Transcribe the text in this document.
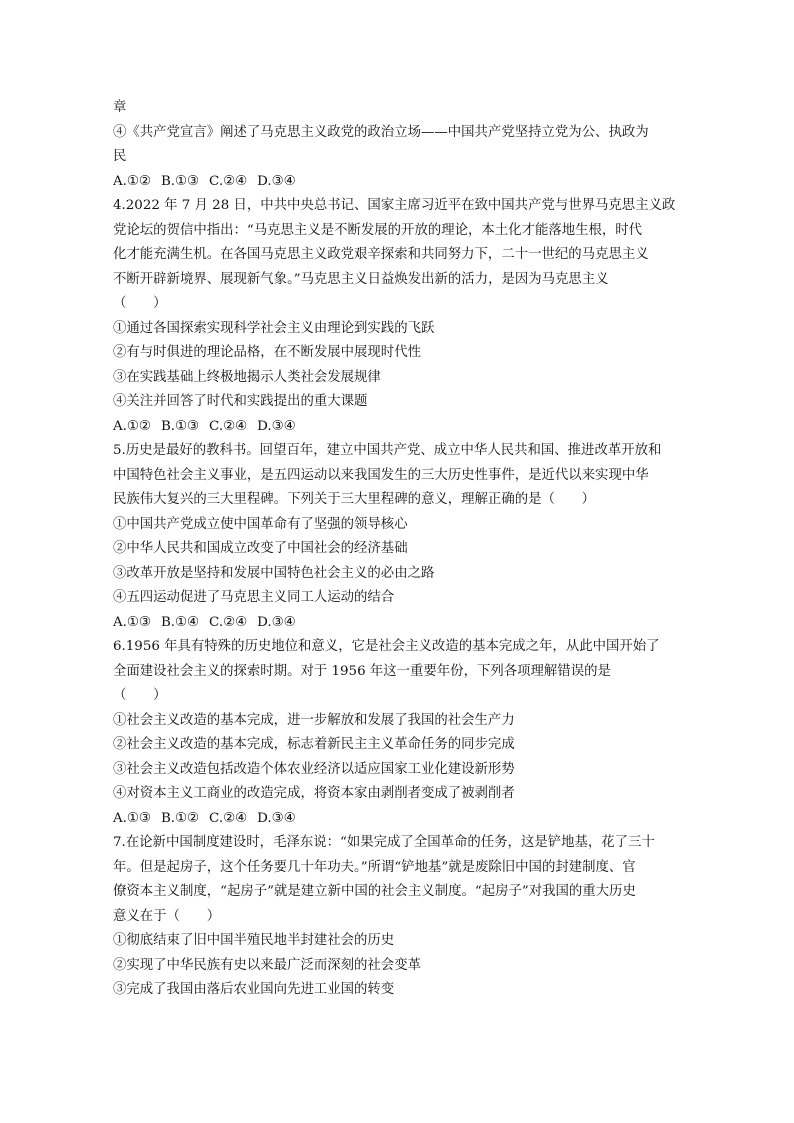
章
④《共产党宣言》阐述了马克思主义政党的政治立场——中国共产党坚持立党为公、执政为
民
A.①② B.①③ C.②④ D.③④
4.2022 年 7 月 28 日，中共中央总书记、国家主席习近平在致中国共产党与世界马克思主义政
党论坛的贺信中指出：“马克思主义是不断发展的开放的理论，本土化才能落地生根，时代
化才能充满生机。在各国马克思主义政党艰辛探索和共同努力下，二十一世纪的马克思主义
不断开辟新境界、展现新气象。”马克思主义日益焕发出新的活力，是因为马克思主义
（　　）
①通过各国探索实现科学社会主义由理论到实践的飞跃
②有与时俱进的理论品格，在不断发展中展现时代性
③在实践基础上终极地揭示人类社会发展规律
④关注并回答了时代和实践提出的重大课题
A.①② B.①③ C.②④ D.③④
5.历史是最好的教科书。回望百年，建立中国共产党、成立中华人民共和国、推进改革开放和
中国特色社会主义事业，是五四运动以来我国发生的三大历史性事件，是近代以来实现中华
民族伟大复兴的三大里程碑。下列关于三大里程碑的意义，理解正确的是（　　）
①中国共产党成立使中国革命有了坚强的领导核心
②中华人民共和国成立改变了中国社会的经济基础
③改革开放是坚持和发展中国特色社会主义的必由之路
④五四运动促进了马克思主义同工人运动的结合
A.①③ B.①④ C.②④ D.③④
6.1956 年具有特殊的历史地位和意义，它是社会主义改造的基本完成之年，从此中国开始了
全面建设社会主义的探索时期。对于 1956 年这一重要年份，下列各项理解错误的是
（　　）
①社会主义改造的基本完成，进一步解放和发展了我国的社会生产力
②社会主义改造的基本完成，标志着新民主主义革命任务的同步完成
③社会主义改造包括改造个体农业经济以适应国家工业化建设新形势
④对资本主义工商业的改造完成，将资本家由剥削者变成了被剥削者
A.①③ B.①② C.②④ D.③④
7.在论新中国制度建设时，毛泽东说：“如果完成了全国革命的任务，这是铲地基，花了三十
年。但是起房子，这个任务要几十年功夫。”所谓“铲地基”就是废除旧中国的封建制度、官
僚资本主义制度，“起房子”就是建立新中国的社会主义制度。“起房子”对我国的重大历史
意义在于（　　）
①彻底结束了旧中国半殖民地半封建社会的历史
②实现了中华民族有史以来最广泛而深刻的社会变革
③完成了我国由落后农业国向先进工业国的转变
